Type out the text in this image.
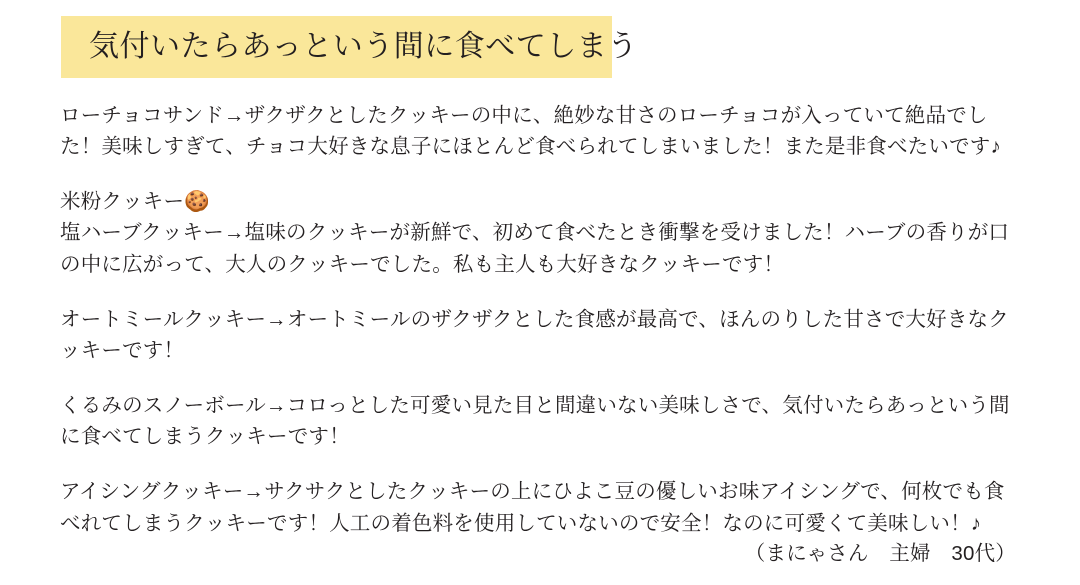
気付いたらあっという間に食べてしまう

ローチョコサンド→ザクザクとしたクッキーの中に、絶妙な甘さのローチョコが入っていて絶品でした！美味しすぎて、チョコ大好きな息子にほとんど食べられてしまいました！また是非食べたいです♪

米粉クッキー🍪

塩ハーブクッキー→塩味のクッキーが新鮮で、初めて食べたとき衝撃を受けました！ハーブの香りが口の中に広がって、大人のクッキーでした。私も主人も大好きなクッキーです！

オートミールクッキー→オートミールのザクザクとした食感が最高で、ほんのりした甘さで大好きなクッキーです！

くるみのスノーボール→コロっとした可愛い見た目と間違いない美味しさで、気付いたらあっという間に食べてしまうクッキーです！

アイシングクッキー→サクサクとしたクッキーの上にひよこ豆の優しいお味アイシングで、何枚でも食べれてしまうクッキーです！人工の着色料を使用していないので安全！なのに可愛くて美味しい！♪

（まにゃさん　主婦　30代）
